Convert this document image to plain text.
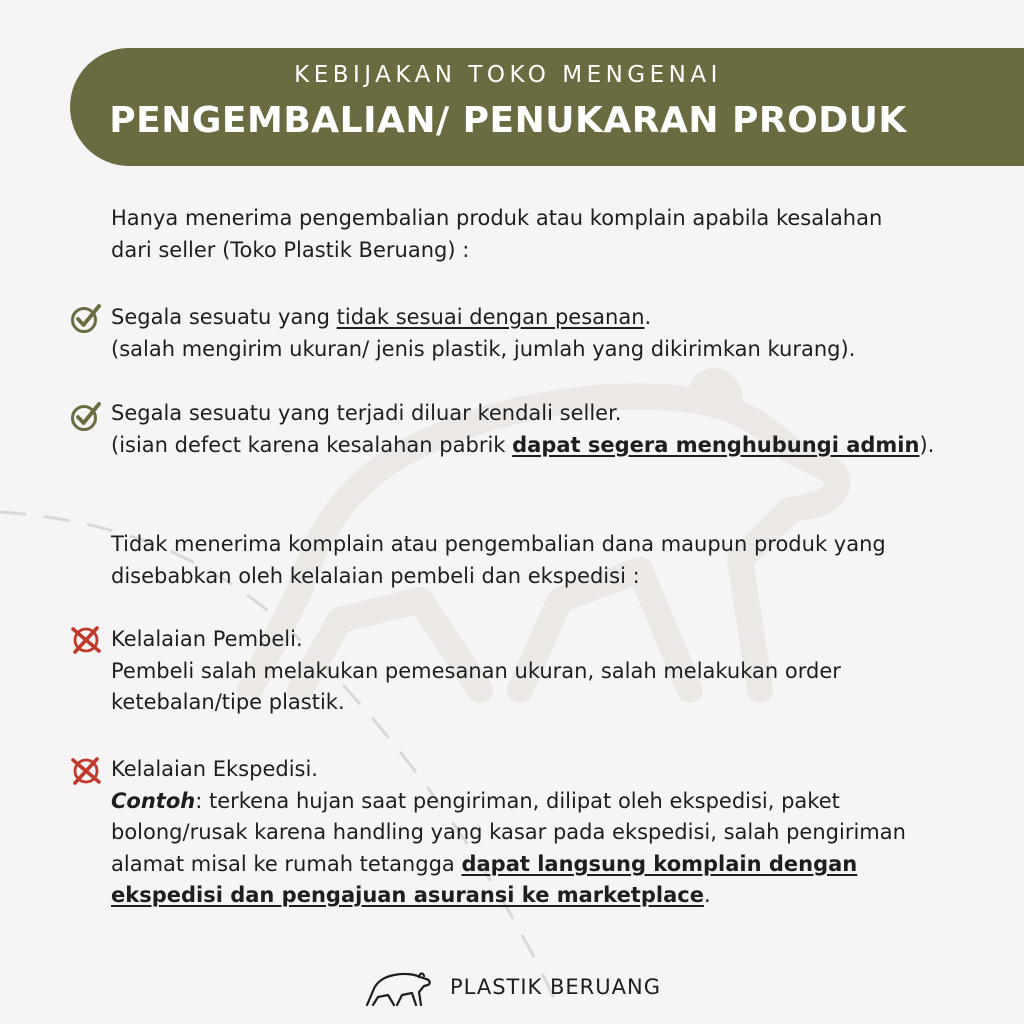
KEBIJAKAN TOKO MENGENAI
PENGEMBALIAN/ PENUKARAN PRODUK

Hanya menerima pengembalian produk atau komplain apabila kesalahan

dari seller (Toko Plastik Beruang) :

Segala sesuatu yang tidak sesuai dengan pesanan.

(salah mengirim ukuran/ jenis plastik, jumlah yang dikirimkan kurang).

Segala sesuatu yang terjadi diluar kendali seller.

(isian defect karena kesalahan pabrik dapat segera menghubungi admin).

Tidak menerima komplain atau pengembalian dana maupun produk yang

disebabkan oleh kelalaian pembeli dan ekspedisi :

Kelalaian Pembeli.

Pembeli salah melakukan pemesanan ukuran, salah melakukan order

ketebalan/tipe plastik.

Kelalaian Ekspedisi.

Contoh: terkena hujan saat pengiriman, dilipat oleh ekspedisi, paket

bolong/rusak karena handling yang kasar pada ekspedisi, salah pengiriman

alamat misal ke rumah tetangga dapat langsung komplain dengan

ekspedisi dan pengajuan asuransi ke marketplace.

PLASTIK BERUANG
